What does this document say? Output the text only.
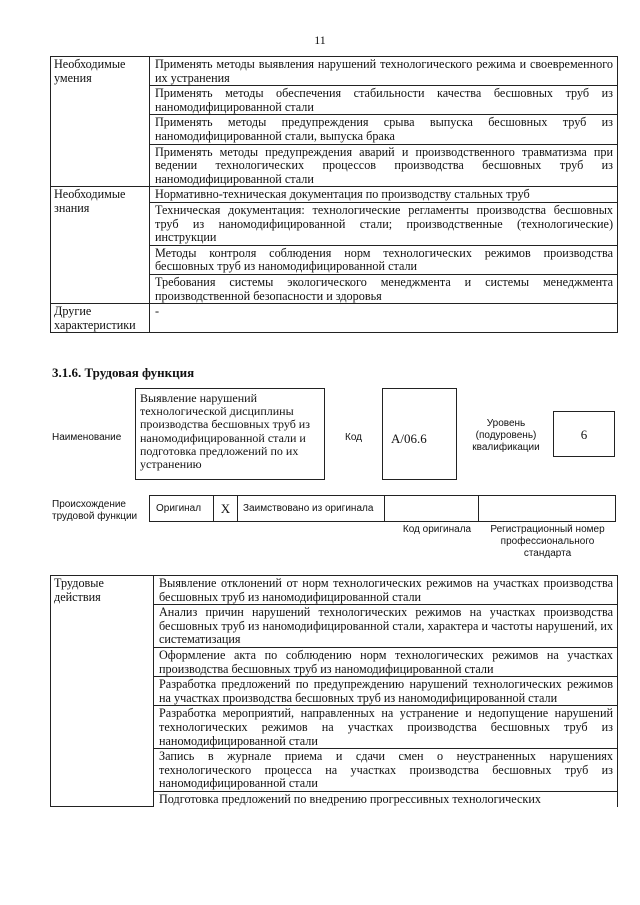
11
Необходимые умения	Применять методы выявления нарушений технологического режима и своевременного их устранения
	Применять методы обеспечения стабильности качества бесшовных труб из наномодифицированной стали
	Применять методы предупреждения срыва выпуска бесшовных труб из наномодифицированной стали, выпуска брака
	Применять методы предупреждения аварий и производственного травматизма при ведении технологических процессов производства бесшовных труб из наномодифицированной стали
Необходимые знания	Нормативно-техническая документация по производству стальных труб
	Техническая документация: технологические регламенты производства бесшовных труб из наномодифицированной стали; производственные (технологические) инструкции
	Методы контроля соблюдения норм технологических режимов производства бесшовных труб из наномодифицированной стали
	Требования системы экологического менеджмента и системы менеджмента производственной безопасности и здоровья
Другие характеристики	-
3.1.6. Трудовая функция
Наименование
Выявление нарушений технологической дисциплины производства бесшовных труб из наномодифицированной стали и подготовка предложений по их устранению
Код	А/06.6
Уровень (подуровень) квалификации
6
Происхождение трудовой функции
Оригинал	X	Заимствовано из оригинала
Код оригинала	Регистрационный номер профессионального стандарта
Трудовые действия	Выявление отклонений от норм технологических режимов на участках производства бесшовных труб из наномодифицированной стали
Анализ причин нарушений технологических режимов на участках производства бесшовных труб из наномодифицированной стали, характера и частоты нарушений, их систематизация
Оформление акта по соблюдению норм технологических режимов на участках производства бесшовных труб из наномодифицированной стали
Разработка предложений по предупреждению нарушений технологических режимов на участках производства бесшовных труб из наномодифицированной стали
Разработка мероприятий, направленных на устранение и недопущение нарушений технологических режимов на участках производства бесшовных труб из наномодифицированной стали
Запись в журнале приема и сдачи смен о неустраненных нарушениях технологического процесса на участках производства бесшовных труб из наномодифицированной стали
Подготовка предложений по внедрению прогрессивных технологических
